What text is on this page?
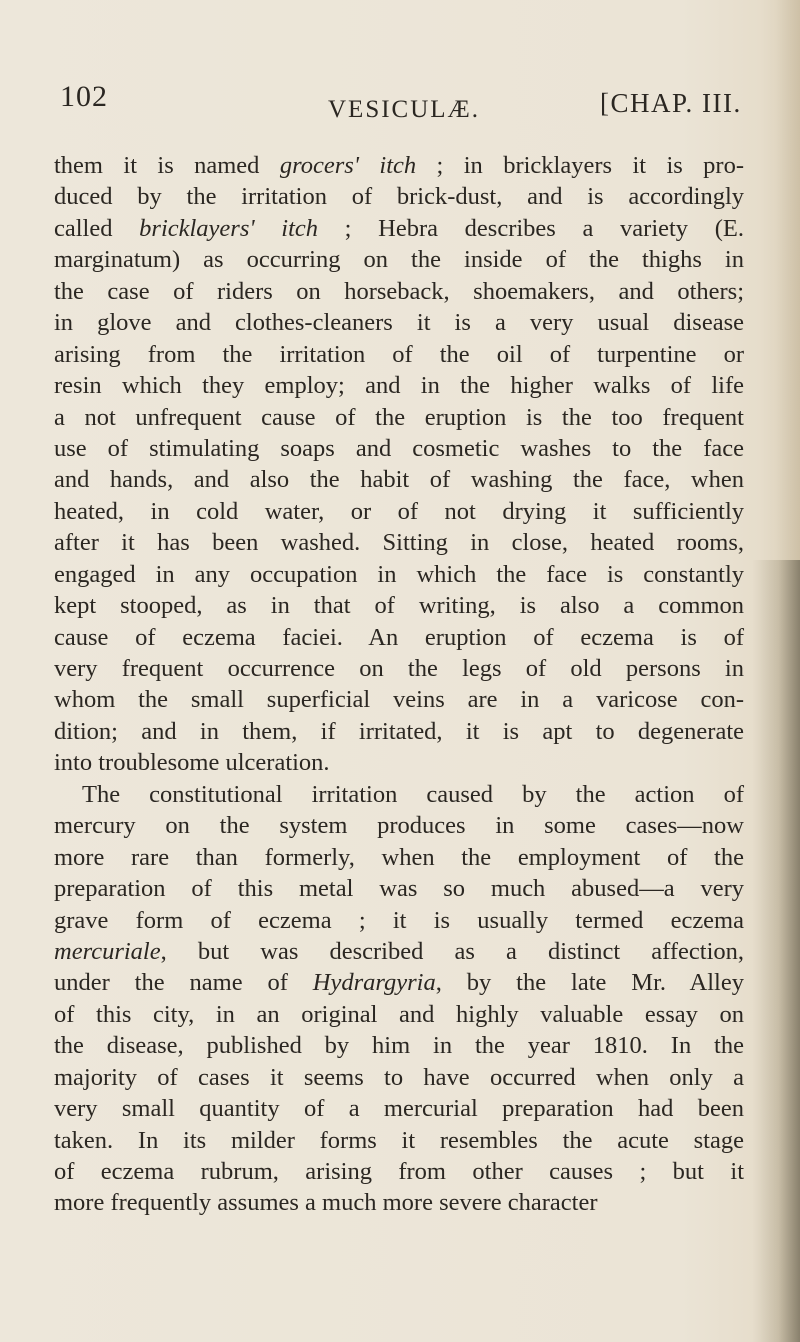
102	VESICULÆ.	[CHAP. III.
them it is named grocers' itch ; in bricklayers it is pro-
duced by the irritation of brick-dust, and is accordingly
called bricklayers' itch ; Hebra describes a variety (E.
marginatum) as occurring on the inside of the thighs in
the case of riders on horseback, shoemakers, and others;
in glove and clothes-cleaners it is a very usual disease
arising from the irritation of the oil of turpentine or
resin which they employ; and in the higher walks of life
a not unfrequent cause of the eruption is the too frequent
use of stimulating soaps and cosmetic washes to the face
and hands, and also the habit of washing the face, when
heated, in cold water, or of not drying it sufficiently
after it has been washed. Sitting in close, heated rooms,
engaged in any occupation in which the face is constantly
kept stooped, as in that of writing, is also a common
cause of eczema faciei. An eruption of eczema is of
very frequent occurrence on the legs of old persons in
whom the small superficial veins are in a varicose con-
dition; and in them, if irritated, it is apt to degenerate
into troublesome ulceration.
The constitutional irritation caused by the action of
mercury on the system produces in some cases—now
more rare than formerly, when the employment of the
preparation of this metal was so much abused—a very
grave form of eczema ; it is usually termed eczema
mercuriale, but was described as a distinct affection,
under the name of Hydrargyria, by the late Mr. Alley
of this city, in an original and highly valuable essay on
the disease, published by him in the year 1810. In the
majority of cases it seems to have occurred when only a
very small quantity of a mercurial preparation had been
taken. In its milder forms it resembles the acute stage
of eczema rubrum, arising from other causes ; but it
more frequently assumes a much more severe character
